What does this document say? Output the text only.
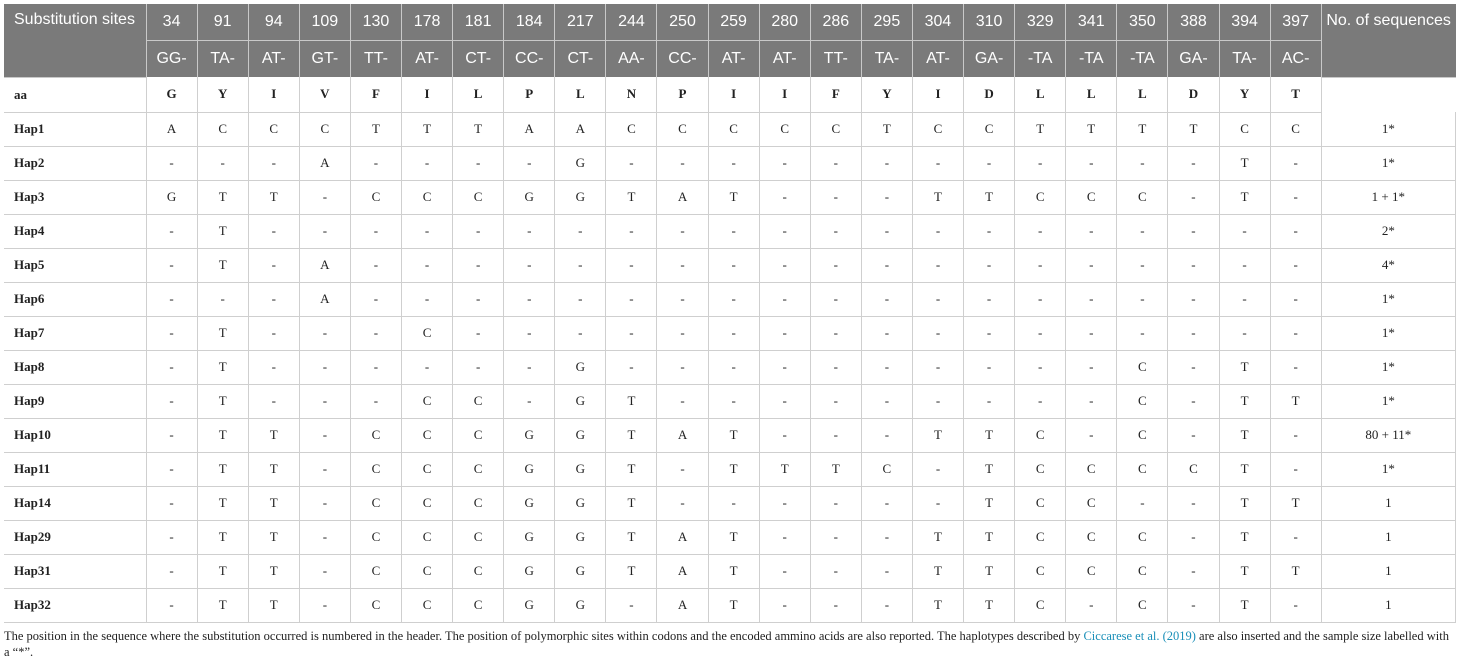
Substitution sites	34	91	94	109	130	178	181	184	217	244	250	259	280	286	295	304	310	329	341	350	388	394	397	No. of sequences
	GG-	TA-	AT-	GT-	TT-	AT-	CT-	CC-	CT-	AA-	CC-	AT-	AT-	TT-	TA-	AT-	GA-	-TA	-TA	-TA	GA-	TA-	AC-	
aa	G	Y	I	V	F	I	L	P	L	N	P	I	I	F	Y	I	D	L	L	L	D	Y	T	
Hap1	A	C	C	C	T	T	T	A	A	C	C	C	C	C	T	C	C	T	T	T	T	C	C	1*
Hap2	-	-	-	A	-	-	-	-	G	-	-	-	-	-	-	-	-	-	-	-	-	T	-	1*
Hap3	G	T	T	-	C	C	C	G	G	T	A	T	-	-	-	T	T	C	C	C	-	T	-	1 + 1*
Hap4	-	T	-	-	-	-	-	-	-	-	-	-	-	-	-	-	-	-	-	-	-	-	-	2*
Hap5	-	T	-	A	-	-	-	-	-	-	-	-	-	-	-	-	-	-	-	-	-	-	-	4*
Hap6	-	-	-	A	-	-	-	-	-	-	-	-	-	-	-	-	-	-	-	-	-	-	-	1*
Hap7	-	T	-	-	-	C	-	-	-	-	-	-	-	-	-	-	-	-	-	-	-	-	-	1*
Hap8	-	T	-	-	-	-	-	-	G	-	-	-	-	-	-	-	-	-	-	C	-	T	-	1*
Hap9	-	T	-	-	-	C	C	-	G	T	-	-	-	-	-	-	-	-	-	C	-	T	T	1*
Hap10	-	T	T	-	C	C	C	G	G	T	A	T	-	-	-	T	T	C	-	C	-	T	-	80 + 11*
Hap11	-	T	T	-	C	C	C	G	G	T	-	T	T	T	C	-	T	C	C	C	C	T	-	1*
Hap14	-	T	T	-	C	C	C	G	G	T	-	-	-	-	-	-	T	C	C	-	-	T	T	1
Hap29	-	T	T	-	C	C	C	G	G	T	A	T	-	-	-	T	T	C	C	C	-	T	-	1
Hap31	-	T	T	-	C	C	C	G	G	T	A	T	-	-	-	T	T	C	C	C	-	T	T	1
Hap32	-	T	T	-	C	C	C	G	G	-	A	T	-	-	-	T	T	C	-	C	-	T	-	1
The position in the sequence where the substitution occurred is numbered in the header. The position of polymorphic sites within codons and the encoded ammino acids are also reported. The haplotypes described by Ciccarese et al. (2019) are also inserted and the sample size labelled with a “*”.
